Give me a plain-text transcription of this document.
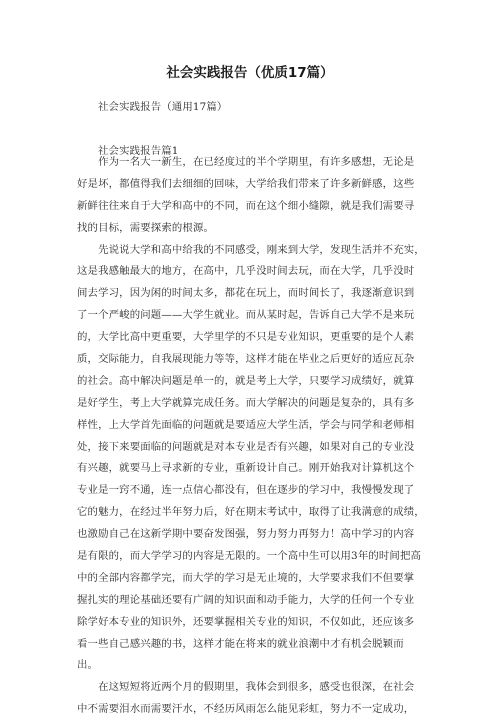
社会实践报告（优质17篇）
社会实践报告（通用17篇）
社会实践报告篇1
　　作为一名大一新生，在已经度过的半个学期里，有许多感想，无论是
好是坏，都值得我们去细细的回味，大学给我们带来了许多新鲜感，这些
新鲜往往来自于大学和高中的不同，而在这个细小缝隙，就是我们需要寻
找的目标，需要探索的根源。
　　先说说大学和高中给我的不同感受，刚来到大学，发现生活并不充实，
这是我感触最大的地方，在高中，几乎没时间去玩，而在大学，几乎没时
间去学习，因为闲的时间太多，都花在玩上，而时间长了，我逐渐意识到
了一个严峻的问题——大学生就业。而从某时起，告诉自己大学不是来玩
的，大学比高中更重要，大学里学的不只是专业知识，更重要的是个人素
质，交际能力，自我展现能力等等，这样才能在毕业之后更好的适应瓦杂
的社会。高中解决问题是单一的，就是考上大学，只要学习成绩好，就算
是好学生，考上大学就算完成任务。而大学解决的问题是复杂的，具有多
样性，上大学首先面临的问题就是要适应大学生活，学会与同学和老师相
处，接下来要面临的问题就是对本专业是否有兴趣，如果对自己的专业没
有兴趣，就要马上寻求新的专业，重新设计自己。刚开始我对计算机这个
专业是一窍不通，连一点信心都没有，但在逐步的学习中，我慢慢发现了
它的魅力，在经过半年努力后，好在期末考试中，取得了让我满意的成绩，
也激励自己在这新学期中要奋发图强，努力努力再努力！高中学习的内容
是有限的，而大学学习的内容是无限的。一个高中生可以用3年的时间把高
中的全部内容都学完，而大学的学习是无止境的，大学要求我们不但要掌
握扎实的理论基础还要有广阔的知识面和动手能力，大学的任何一个专业
除学好本专业的知识外，还要掌握相关专业的知识，不仅如此，还应该多
看一些自己感兴趣的书，这样才能在将来的就业浪潮中才有机会脱颖而
出。
　　在这短短将近两个月的假期里，我体会到很多，感受也很深，在社会
中不需要泪水而需要汗水，不经历风雨怎么能见彩虹，努力不一定成功，
